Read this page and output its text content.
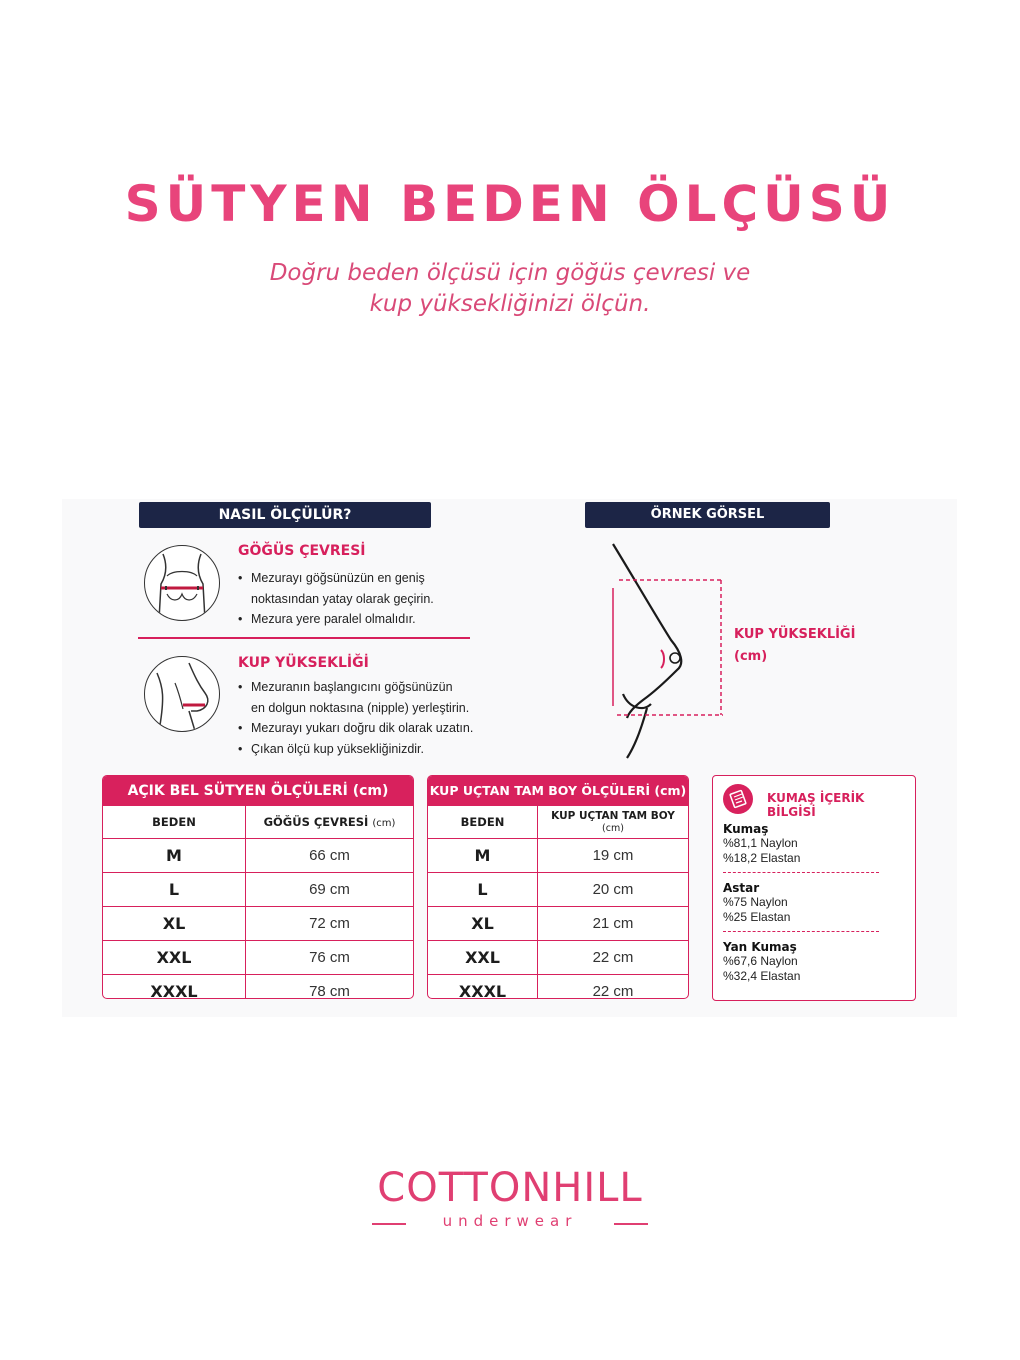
SÜTYEN BEDEN ÖLÇÜSÜ
Doğru beden ölçüsü için göğüs çevresi ve
kup yüksekliğinizi ölçün.
NASIL ÖLÇÜLÜR?	ÖRNEK GÖRSEL
GÖĞÜS ÇEVRESİ
• Mezurayı göğsünüzün en geniş
noktasından yatay olarak geçirin.
• Mezura yere paralel olmalıdır.
KUP YÜKSEKLİĞİ
• Mezuranın başlangıcını göğsünüzün
en dolgun noktasına (nipple) yerleştirin.
• Mezurayı yukarı doğru dik olarak uzatın.
• Çıkan ölçü kup yüksekliğinizdir.
KUP YÜKSEKLİĞİ
(cm)
AÇIK BEL SÜTYEN ÖLÇÜLERİ (cm)
BEDEN	GÖĞÜS ÇEVRESİ (cm)
M	66 cm
L	69 cm
XL	72 cm
XXL	76 cm
XXXL	78 cm
KUP UÇTAN TAM BOY ÖLÇÜLERİ (cm)
BEDEN	KUP UÇTAN TAM BOY (cm)
M	19 cm
L	20 cm
XL	21 cm
XXL	22 cm
XXXL	22 cm
KUMAŞ İÇERİK BİLGİSİ
Kumaş
%81,1 Naylon
%18,2 Elastan
Astar
%75 Naylon
%25 Elastan
Yan Kumaş
%67,6 Naylon
%32,4 Elastan
COTTONHILL
underwear
